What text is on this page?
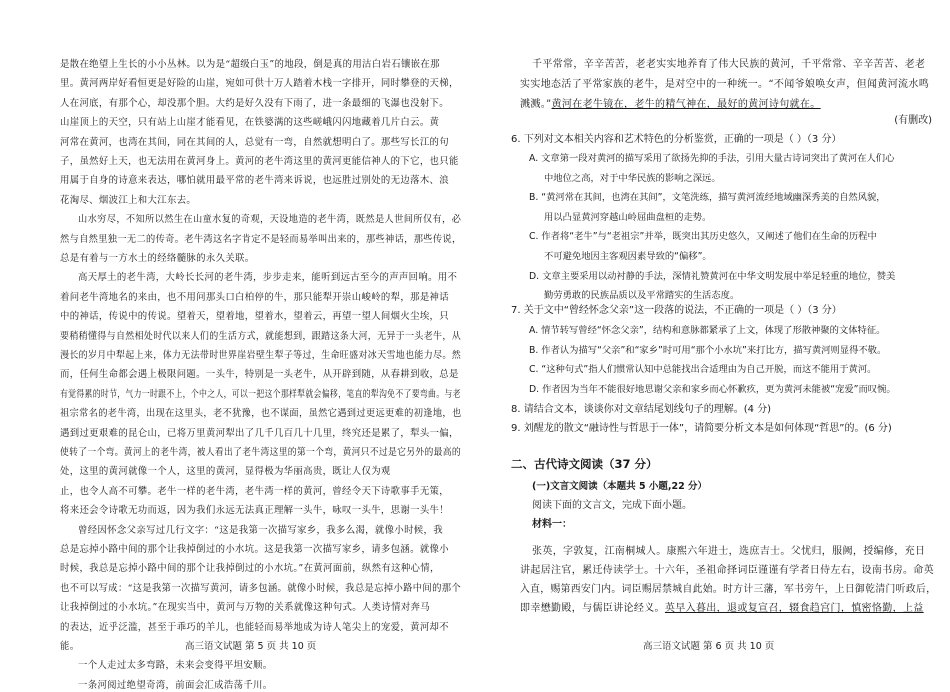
是散在绝望上生长的小小丛林。以为是“超级白玉”的地段，倒是真的用沽白岩石镶嵌在那
里。黄河两岸好看恒更是好险的山崖，宛如可供十万人踏着木栈一字排开，同时攀登的天梯，
人在河底，有那个心，却没那个胆。大约是好久没有下雨了，进一条最细的飞瀑也没射下。
山崖顶上的天空，只有站上山崖才能看见，在铁婆满的这些嵯峨闪闪地藏着几片白云。黄
河常在黄河，也湾在其间，同在其间的人，总觉有一弯，自然就想明白了。那些写长江的句
子，虽然好上天，也无法用在黄河身上。黄河的老牛湾这里的黄河更能信神人的下它，也只能
用属于自身的诗意来表达，哪怕就用最平常的老牛湾来诉说，也远胜过别处的无边落木、浪
花淘尽、烟波江上和大江东去。
山水穷尽，不知所以然生在山童水复的奇观，天设地造的老牛湾，既然是人世间所仅有，必
然与自然里独一无二的传奇。老牛湾这名字肯定不是轻而易举叫出来的，那些神话，那些传说，
总是有着与一方水土的经络髓脉的永久关联。
高天厚土的老牛湾，大岭长长河的老牛湾，步步走来，能听到远古至今的声声回响。用不
着问老牛湾地名的来由，也不用问那头口白柏停的牛，那只能犁开崇山峻岭的犁，那是神话
中的神话，传说中的传说。望着天，望着地，望着水，望着云，再望一望人间烟火尘埃，只
要稍稍懂得与自然相处时代以来人们的生活方式，就能想到，跟踏这条大河，无异于一头老牛，从
漫长的岁月中犁起上来，体力无法带时世界崖岩壁生犁子等过，生命旺盛对冰天雪地也能力尽。然
而，任何生命都会遇上极限问题。一头牛，特别是一头老牛，从开辟到随，从春耕到收，总是
有觉得累的时节，气力一时跟不上，个中之人，可以一把这个那样犁就会偏移，笔直的犁沟免不了要弯曲。与老
祖宗常名的老牛湾，出现在这里头，老不犹豫，也不谋面，虽然它遇到过更远更难的初逢地，也
遇到过更艰难的昆仑山，已将万里黄河犁出了几千几百几十几里，终究还是累了，犁头一偏，
使转了一个弯。黄河上的老牛湾，被人看出了老牛湾这里的第一个弯，黄河只不过是它另外的最高的
处，这里的黄河就像一个人，这里的黄河，显得极为华丽高贵，既让人仅为观
止，也令人高不可攀。老牛一样的老牛湾，老牛湾一样的黄河，曾经令天下诗歌事手无策，
将来还会令诗歌无功而返，因为我们永远无法真正理解一头牛，咏叹一头牛，思谢一头牛！
曾经因怀念父亲写过几行文字：“这是我第一次描写家乡，我多么渴，就像小时候，我
总是忘掉小路中间的那个让我掉倒过的小水坑。这是我第一次描写家乡，请多包涵。就像小
时候，我总是忘掉小路中间的那个让我掉倒过的小水坑。”在黄河面前，纵然有这种心情，
也不可以写成：“这是我第一次描写黄河，请多包涵。就像小时候，我总是忘掉小路中间的那个
让我掉倒过的小水坑。”在现实当中，黄河与万物的关系就像这种句式。人类诗情对奔马
的表达，近乎泛滥，甚至于乖巧的羊儿，也能轻而易举地成为诗人笔尖上的宠爱，黄河却不
能。
一个人走过太多弯路，未来会变得平坦安顺。
一条河阅过绝望奇湾，前面会汇成浩荡千川。
千平常常，辛辛苦苦，老老实实地养育了伟大民族的黄河，千平常常、辛辛苦苦、老老
实实地态活了平常家族的老牛，是对空中的一种统一。“不闻爷娘唤女声，但闻黄河流水鸣
溅溅。”黄河在老牛镜在，老牛的精气神在，最好的黄河诗句就在。
(有删改)
6. 下列对文本相关内容和艺术特色的分析鉴赏，正确的一项是（ ）（3 分）
A. 文章第一段对黄河的描写采用了欲扬先抑的手法，引用大量古诗词突出了黄河在人们心
中地位之高，对于中华民族的影响之深远。
B. “黄河常在其间，也湾在其间”，文笔洗练，描写黄河流经地域幽深秀美的自然风貌，
用以凸显黄河穿越山岭屈曲盘桓的走势。
C. 作者将“老牛”与“老祖宗”并举，既突出其历史悠久，又阐述了他们在生命的历程中
不可避免地因主客观因素导致的“偏移”。
D. 文章主要采用以动衬静的手法，深情礼赞黄河在中华文明发展中举足轻重的地位，赞美
勤劳勇敢的民族品质以及平常踏实的生活态度。
7. 关于文中“曾经怀念父亲”这一段落的说法，不正确的一项是（ ）（3 分）
A. 情节转写曾经“怀念父亲”，结构和意脉都紧承了上文，体现了形散神聚的文体特征。
B. 作者认为描写“父亲”和“家乡”时可用“那个小水坑”来打比方，描写黄河则显得不敬。
C. “这种句式”指人们惯常认知中总能找出合适理由为自己开脱，而这不能用于黄河。
D. 作者因为当年不能很好地思谢父亲和家乡而心怀歉疚，更为黄河未能被“宠爱”而叹惋。
8. 请结合文本，谈谈你对文章结尾划线句子的理解。(4 分)
9. 刘醒龙的散文“融诗性与哲思于一体”，请简要分析文本是如何体现“哲思”的。(6 分)
二、古代诗文阅读（37 分）
(一)文言文阅读（本题共 5 小题,22 分）
阅读下面的文言文，完成下面小题。
材料一：
张英，字敦复，江南桐城人。康熙六年进士，选庶吉士。父忧归，服阙，授编修，充日
讲起居注官，累迁侍读学士。十六年，圣祖命择词臣谨谨有学者日侍左右，设南书房。命英
入直，赐第西安门内。词臣赐居禁城自此始。时方计三藩，军书旁午，上日御乾清门听政后，
即幸懋勤殿，与儒臣讲论经义。英早入暮出，退或复宣召，辍食趋宫门，慎密恪勤，上益
高三语文试题 第 6 页 共 10 页
高三语文试题 第 5 页 共 10 页
